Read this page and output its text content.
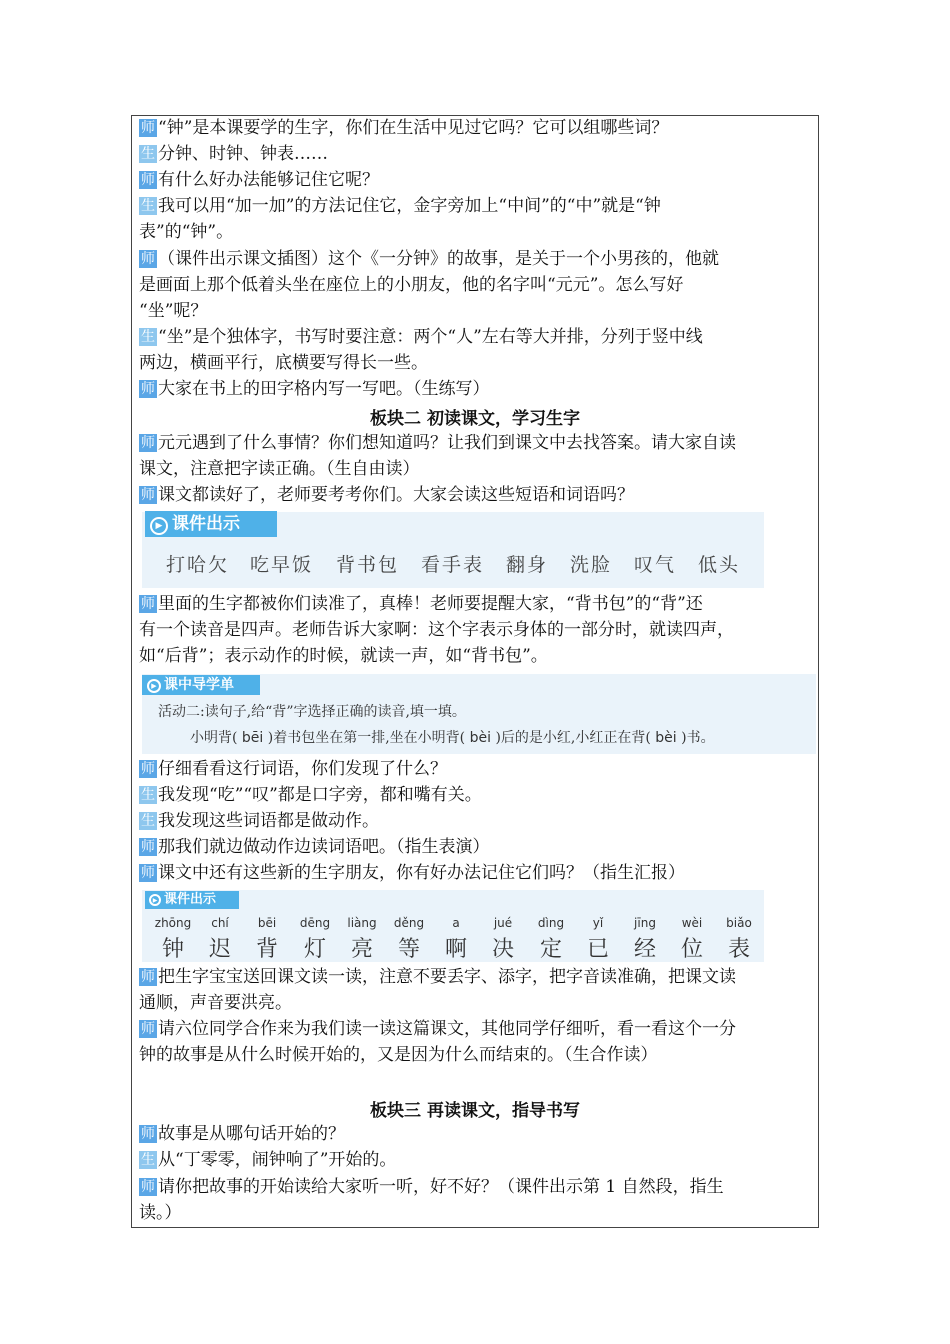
师 “钟”是本课要学的生字，你们在生活中见过它吗？它可以组哪些词？
生 分钟、时钟、钟表……
师 有什么好办法能够记住它呢？
生 我可以用“加一加”的方法记住它，金字旁加上“中间”的“中”就是“钟
表”的“钟”。
师 （课件出示课文插图）这个《一分钟》的故事，是关于一个小男孩的，他就
是画面上那个低着头坐在座位上的小朋友，他的名字叫“元元”。怎么写好
“坐”呢？
生 “坐”是个独体字，书写时要注意：两个“人”左右等大并排，分列于竖中线
两边，横画平行，底横要写得长一些。
师 大家在书上的田字格内写一写吧。（生练写）
板块二 初读课文，学习生字
师 元元遇到了什么事情？你们想知道吗？让我们到课文中去找答案。请大家自读
课文，注意把字读正确。（生自由读）
师 课文都读好了，老师要考考你们。大家会读这些短语和词语吗？
▶ 课件出示
打哈欠 吃早饭 背书包 看手表 翻身 洗脸 叹气 低头
师 里面的生字都被你们读准了，真棒！老师要提醒大家，“背书包”的“背”还
有一个读音是四声。老师告诉大家啊：这个字表示身体的一部分时，就读四声，
如“后背”；表示动作的时候，就读一声，如“背书包”。
▶ 课中导学单
活动二:读句子,给“背”字选择正确的读音,填一填。
小明背( bēi )着书包坐在第一排,坐在小明背( bèi )后的是小红,小红正在背( bèi )书。
师 仔细看看这行词语，你们发现了什么？
生 我发现“吃”“叹”都是口字旁，都和嘴有关。
生 我发现这些词语都是做动作。
师 那我们就边做动作边读词语吧。（指生表演）
师 课文中还有这些新的生字朋友，你有好办法记住它们吗？（指生汇报）
▶ 课件出示
zhōng
钟
chí
迟
bēi
背
dēng
灯
liàng
亮
děng
等
a
啊
jué
决
dìng
定
yǐ
已
jīng
经
wèi
位
biǎo
表
师 把生字宝宝送回课文读一读，注意不要丢字、添字，把字音读准确，把课文读
通顺，声音要洪亮。
师 请六位同学合作来为我们读一读这篇课文，其他同学仔细听，看一看这个一分
钟的故事是从什么时候开始的，又是因为什么而结束的。（生合作读）
板块三 再读课文，指导书写
师 故事是从哪句话开始的？
生 从“丁零零，闹钟响了”开始的。
师 请你把故事的开始读给大家听一听，好不好？（课件出示第 1 自然段，指生
读。）
